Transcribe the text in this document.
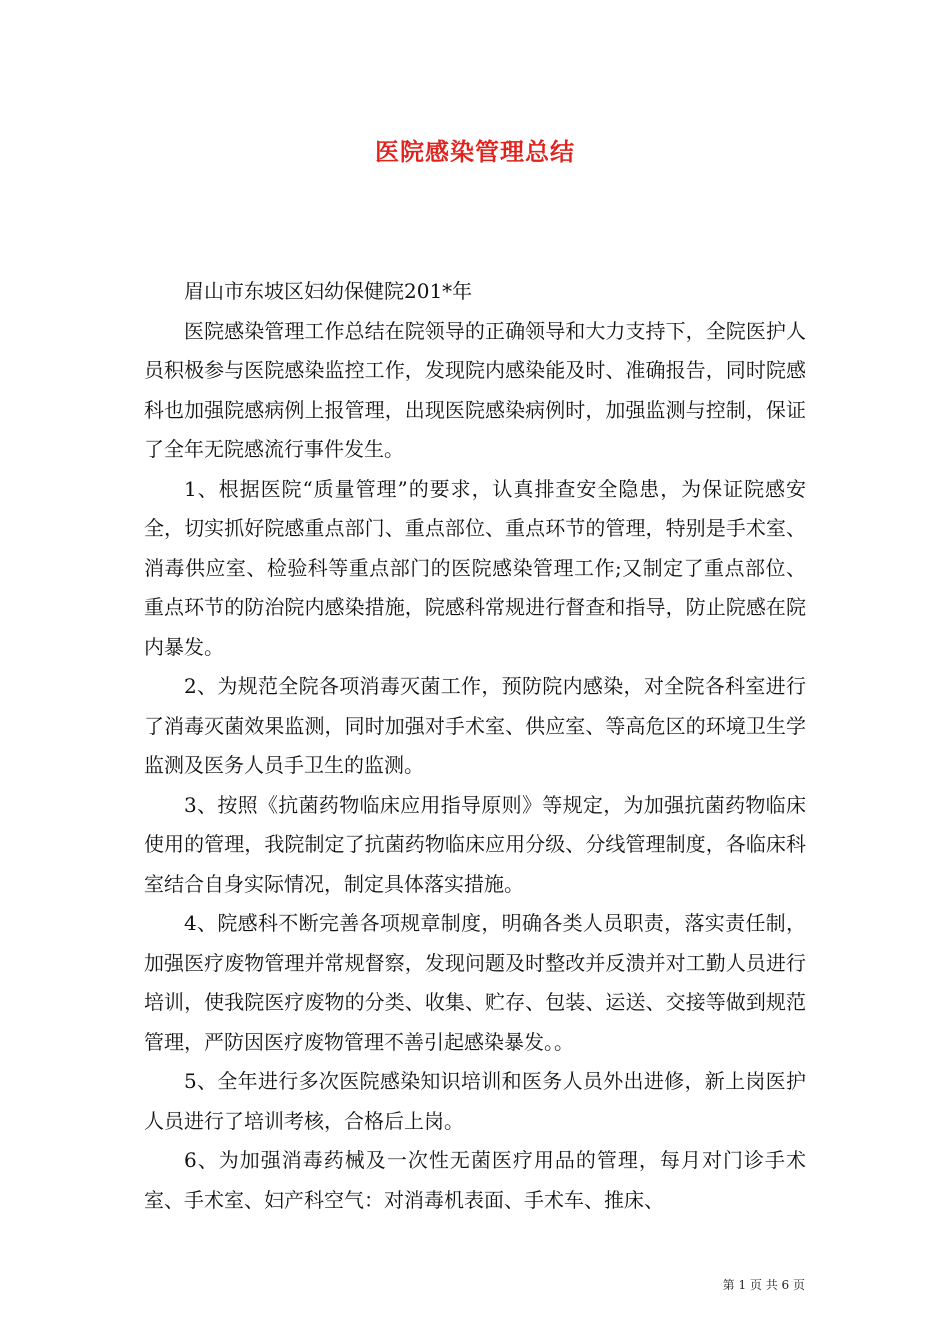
医院感染管理总结

眉山市东坡区妇幼保健院201*年

医院感染管理工作总结在院领导的正确领导和大力支持下，全院医护人员积极参与医院感染监控工作，发现院内感染能及时、准确报告，同时院感科也加强院感病例上报管理，出现医院感染病例时，加强监测与控制，保证了全年无院感流行事件发生。

1、根据医院“质量管理”的要求，认真排查安全隐患，为保证院感安全，切实抓好院感重点部门、重点部位、重点环节的管理，特别是手术室、消毒供应室、检验科等重点部门的医院感染管理工作;又制定了重点部位、重点环节的防治院内感染措施，院感科常规进行督查和指导，防止院感在院内暴发。

2、为规范全院各项消毒灭菌工作，预防院内感染，对全院各科室进行了消毒灭菌效果监测，同时加强对手术室、供应室、等高危区的环境卫生学监测及医务人员手卫生的监测。

3、按照《抗菌药物临床应用指导原则》等规定，为加强抗菌药物临床使用的管理，我院制定了抗菌药物临床应用分级、分线管理制度，各临床科室结合自身实际情况，制定具体落实措施。

4、院感科不断完善各项规章制度，明确各类人员职责，落实责任制，加强医疗废物管理并常规督察，发现问题及时整改并反溃并对工勤人员进行培训，使我院医疗废物的分类、收集、贮存、包装、运送、交接等做到规范管理，严防因医疗废物管理不善引起感染暴发。。

5、全年进行多次医院感染知识培训和医务人员外出进修，新上岗医护人员进行了培训考核，合格后上岗。

6、为加强消毒药械及一次性无菌医疗用品的管理，每月对门诊手术室、手术室、妇产科空气：对消毒机表面、手术车、推床、

第 1 页 共 6 页
